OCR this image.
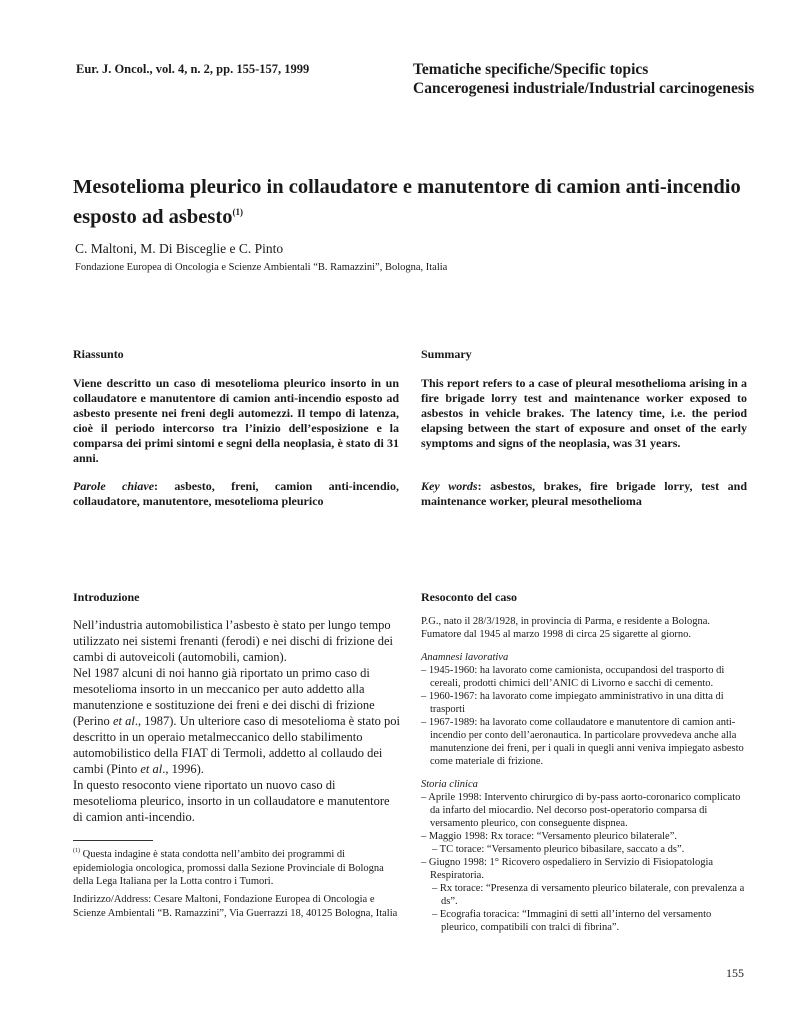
Eur. J. Oncol., vol. 4, n. 2, pp. 155-157, 1999	Tematiche specifiche/Specific topics
Cancerogenesi industriale/Industrial carcinogenesis
Mesotelioma pleurico in collaudatore e manutentore di camion anti-incendio esposto ad asbesto$^{(1)}$
C. Maltoni, M. Di Bisceglie e C. Pinto
Fondazione Europea di Oncologia e Scienze Ambientali “B. Ramazzini”, Bologna, Italia
Riassunto
Viene descritto un caso di mesotelioma pleurico insorto in un collaudatore e manutentore di camion anti-incendio esposto ad asbesto presente nei freni degli automezzi. Il tempo di latenza, cioè il periodo intercorso tra l’inizio dell’esposizione e la comparsa dei primi sintomi e segni della neoplasia, è stato di 31 anni.
Parole chiave: asbesto, freni, camion anti-incendio, collaudatore, manutentore, mesotelioma pleurico
Summary
This report refers to a case of pleural mesothelioma arising in a fire brigade lorry test and maintenance worker exposed to asbestos in vehicle brakes. The latency time, i.e. the period elapsing between the start of exposure and onset of the early symptoms and signs of the neoplasia, was 31 years.
Key words: asbestos, brakes, fire brigade lorry, test and maintenance worker, pleural mesothelioma
Introduzione

Nell’industria automobilistica l’asbesto è stato per lungo tempo utilizzato nei sistemi frenanti (ferodi) e nei dischi di frizione dei cambi di autoveicoli (automobili, camion).

Nel 1987 alcuni di noi hanno già riportato un primo caso di mesotelioma insorto in un meccanico per auto addetto alla manutenzione e sostituzione dei freni e dei dischi di frizione (Perino et al., 1987). Un ulteriore caso di mesotelioma è stato poi descritto in un operaio metalmeccanico dello stabilimento automobilistico della FIAT di Termoli, addetto al collaudo dei cambi (Pinto et al., 1996).

In questo resoconto viene riportato un nuovo caso di mesotelioma pleurico, insorto in un collaudatore e manutentore di camion anti-incendio.

Resoconto del caso

P.G., nato il 28/3/1928, in provincia di Parma, e residente a Bologna. Fumatore dal 1945 al marzo 1998 di circa 25 sigarette al giorno.

Anamnesi lavorativa

– 1945-1960: ha lavorato come camionista, occupandosi del trasporto di cereali, prodotti chimici dell’ANIC di Livorno e sacchi di cemento.

– 1960-1967: ha lavorato come impiegato amministrativo in una ditta di trasporti

– 1967-1989: ha lavorato come collaudatore e manutentore di camion anti-incendio per conto dell’aeronautica. In particolare provvedeva anche alla manutenzione dei freni, per i quali in quegli anni veniva impiegato asbesto come materiale di frizione.

Storia clinica

– Aprile 1998: Intervento chirurgico di by-pass aorto-coronarico complicato da infarto del miocardio. Nel decorso post-operatorio comparsa di versamento pleurico, con conseguente dispnea.

– Maggio 1998: Rx torace: “Versamento pleurico bilaterale”.

– TC torace: “Versamento pleurico bibasilare, saccato a ds”.

– Giugno 1998: 1° Ricovero ospedaliero in Servizio di Fisiopatologia Respiratoria.

– Rx torace: “Presenza di versamento pleurico bilaterale, con prevalenza a ds”.

– Ecografia toracica: “Immagini di setti all’interno del versamento pleurico, compatibili con tralci di fibrina”.

$^{(1)}$ Questa indagine è stata condotta nell’ambito dei programmi di epidemiologia oncologica, promossi dalla Sezione Provinciale di Bologna della Lega Italiana per la Lotta contro i Tumori.
Indirizzo/Address: Cesare Maltoni, Fondazione Europea di Oncologia e Scienze Ambientali “B. Ramazzini”, Via Guerrazzi 18, 40125 Bologna, Italia
155
